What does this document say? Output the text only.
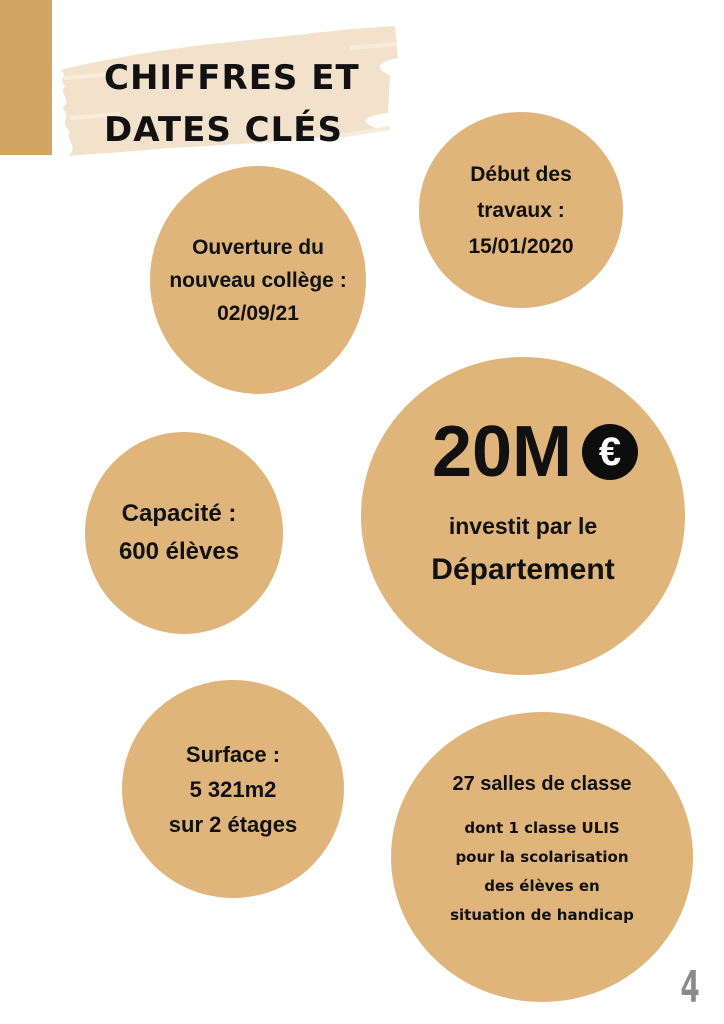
CHIFFRES ET
DATES CLÉS
Début des
travaux :
15/01/2020
Ouverture du
nouveau collège :
02/09/21
Capacité :
600 élèves
20M €
investit par le
Département
Surface :
5 321m2
sur 2 étages
27 salles de classe
dont 1 classe ULIS
pour la scolarisation
des élèves en
situation de handicap
4
